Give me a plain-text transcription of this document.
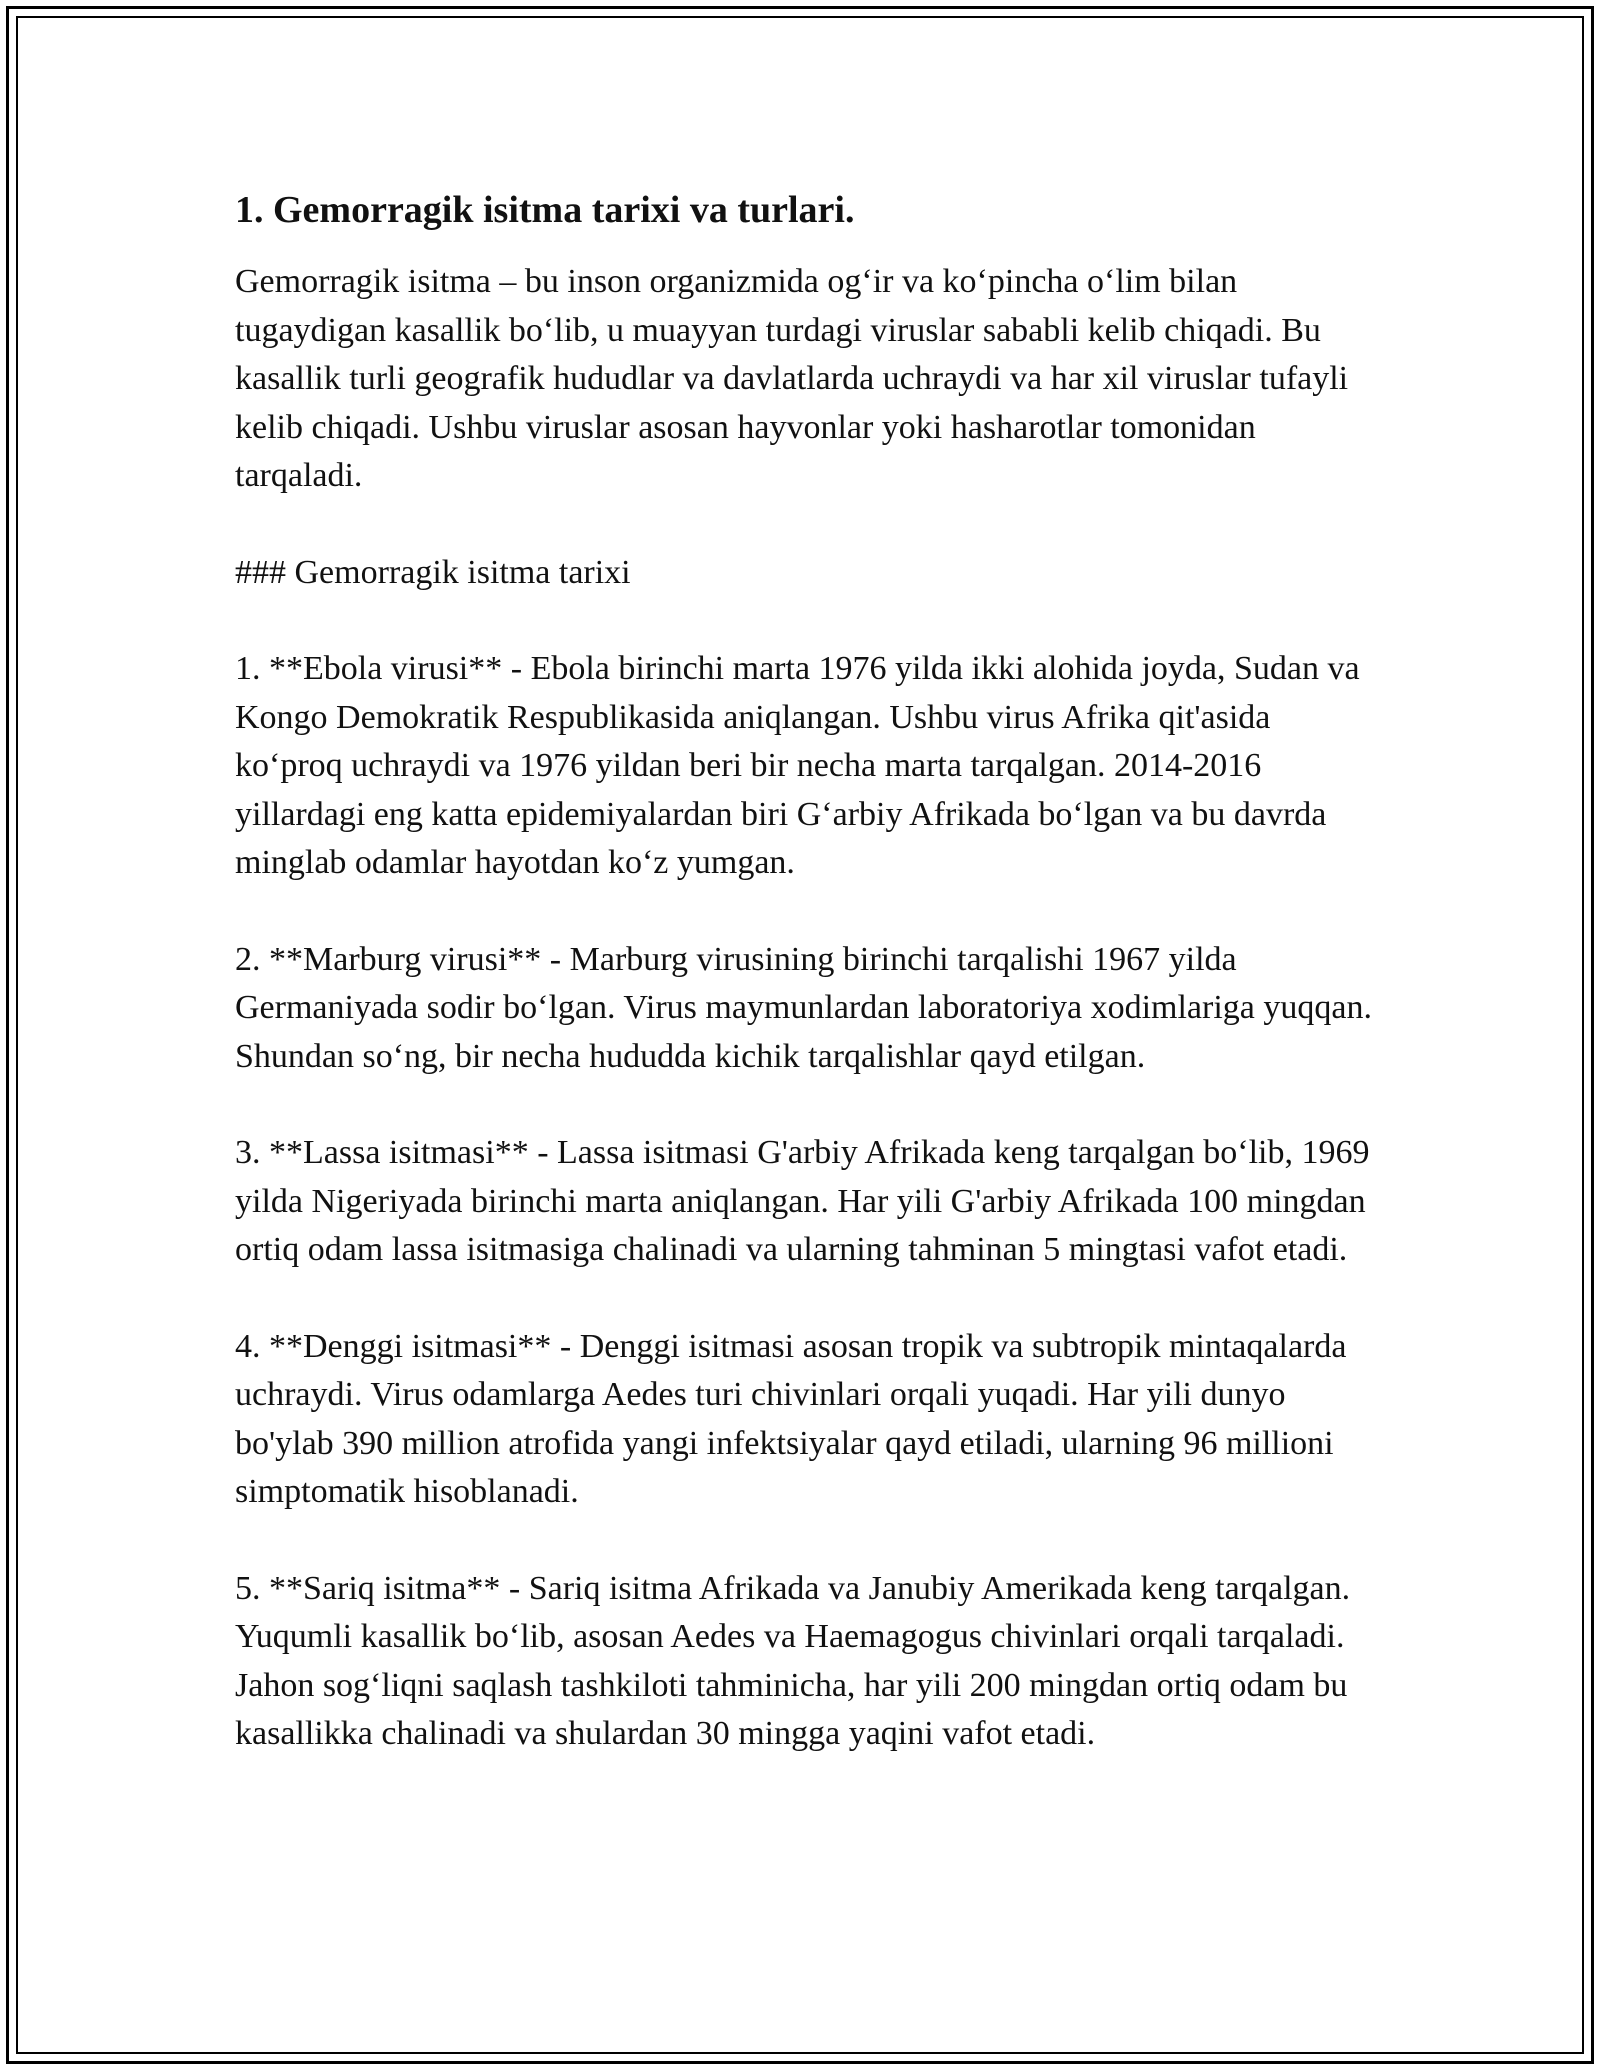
1. Gemorragik isitma tarixi va turlari.

Gemorragik isitma – bu inson organizmida og‘ir va ko‘pincha o‘lim bilan tugaydigan kasallik bo‘lib, u muayyan turdagi viruslar sababli kelib chiqadi. Bu kasallik turli geografik hududlar va davlatlarda uchraydi va har xil viruslar tufayli kelib chiqadi. Ushbu viruslar asosan hayvonlar yoki hasharotlar tomonidan tarqaladi.

### Gemorragik isitma tarixi

1. **Ebola virusi** - Ebola birinchi marta 1976 yilda ikki alohida joyda, Sudan va Kongo Demokratik Respublikasida aniqlangan. Ushbu virus Afrika qit'asida ko‘proq uchraydi va 1976 yildan beri bir necha marta tarqalgan. 2014-2016 yillardagi eng katta epidemiyalardan biri G‘arbiy Afrikada bo‘lgan va bu davrda minglab odamlar hayotdan ko‘z yumgan.

2. **Marburg virusi** - Marburg virusining birinchi tarqalishi 1967 yilda Germaniyada sodir bo‘lgan. Virus maymunlardan laboratoriya xodimlariga yuqqan. Shundan so‘ng, bir necha hududda kichik tarqalishlar qayd etilgan.

3. **Lassa isitmasi** - Lassa isitmasi G'arbiy Afrikada keng tarqalgan bo‘lib, 1969 yilda Nigeriyada birinchi marta aniqlangan. Har yili G'arbiy Afrikada 100 mingdan ortiq odam lassa isitmasiga chalinadi va ularning tahminan 5 mingtasi vafot etadi.

4. **Denggi isitmasi** - Denggi isitmasi asosan tropik va subtropik mintaqalarda uchraydi. Virus odamlarga Aedes turi chivinlari orqali yuqadi. Har yili dunyo bo'ylab 390 million atrofida yangi infektsiyalar qayd etiladi, ularning 96 millioni simptomatik hisoblanadi.

5. **Sariq isitma** - Sariq isitma Afrikada va Janubiy Amerikada keng tarqalgan. Yuqumli kasallik bo‘lib, asosan Aedes va Haemagogus chivinlari orqali tarqaladi. Jahon sog‘liqni saqlash tashkiloti tahminicha, har yili 200 mingdan ortiq odam bu kasallikka chalinadi va shulardan 30 mingga yaqini vafot etadi.
